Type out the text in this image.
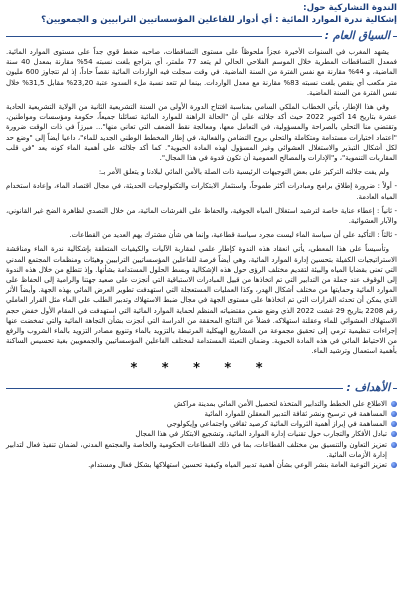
الندوة التشاركية حول:
إشكالية ندرة الموارد المائية : أي أدوار للفاعلين المؤسساتيين الترابيين و الجمعويين؟
السياق العام :

يشهد المغرب في السنوات الأخيرة عجزاً ملحوظاً على مستوى التساقطات، صاحبه ضغط قوي جداً على مستوى الموارد المائية. فمعدل التساقطات المطرية خلال الموسم الفلاحي الحالي لم يتعد 77 ملمتر، أي بتراجع بلغت نسبته 54% مقارنة بمعدل 40 سنة الماضية، و 44% مقارنة مع نفس الفترة من السنة الماضية. في وقت سجلت فيه الواردات المائية نقصاً حاداً، إذ لم تتجاوز 600 مليون متر مكعب أي بنقص بلغت نسبته 83% مقارنة مع معدل الواردات. بينما لم تتعد نسبة ملء السدود عتبة 23,20% مقابل 31,5% خلال نفس الفترة من السنة الماضية.

وفي هذا الإطار، يأتي الخطاب الملكي السامي بمناسبة افتتاح الدورة الأولى من السنة التشريعية الثانية من الولاية التشريعية الحادية عشرة بتاريخ 14 أكتوبر 2022 حيث أكد جلالته على أن "الحالة الراهنة للموارد المائية تسائلنا جميعاً، حكومة ومؤسسات ومواطنين، وتقتضي منا التحلي بالصراحة والمسؤولية، في التعامل معها، ومعالجة نقط الضعف التي تعاني منها"... مبرزاً في ذات الوقت ضرورة "اعتماد اختيارات مستدامة ومتكاملة والتحلي بروح التضامن والفعالية، في إطار المخطط الوطني الجديد للماء"، داعيا أيضاً إلى "وضع حد لكل أشكال التبذير والاستغلال العشوائي وغير المسؤول لهذه المادة الحيوية". كما أكد جلالته على أهمية الماء كونه يعد "في قلب المقاربات التنموية"، و"الإدارات والمصالح العمومية أن تكون قدوة في هذا المجال".

ولم يفت جلالته التركيز على بعض التوجيهات الرئيسية ذات الصلة بالأمن المائي لبلادنا و يتعلق الأمر بـ:

- أولاً : ضرورة إطلاق برامج ومبادرات أكثر طموحاً، واستثمار الابتكارات والتكنولوجيات الحديثة، في مجال اقتصاد الماء، وإعادة استخدام المياه العادمة.

- ثانياً : إعطاء عناية خاصة لترشيد استغلال المياه الجوفية، والحفاظ على الفرشات المائية، من خلال التصدي لظاهرة الضخ غير القانوني، والآبار العشوائية.

- ثالثاً : التأكيد على أن سياسة الماء ليست مجرد سياسة قطاعية، وإنما هي شأن مشترك يهم العديد من القطاعات.

وتأسيساً على هذا المعطى، يأتي انعقاد هذه الندوة كإطار علمي لمقاربة الآليات والكيفيات المتعلقة بإشكالية ندرة الماء ومناقشة الاستراتيجيات الكفيلة بتحسين إدارة الموارد المائية، وهي أيضاً فرصة للفاعلين المؤسساتيين الترابيين وهيئات ومنظمات المجتمع المدني التي تعنى بقضايا المياه والبيئة لتقديم مختلف الرؤى حول هذه الإشكالية وبسط الحلول المستدامة بشأنها. وإذ تتطلع من خلال هذه الندوة إلى الوقوف عند جملة من التدابير التي تم اتخاذها من قبيل المبادرات الاستباقية التي أنجزت على صعيد جهتنا والرامية إلى الحفاظ على الموارد المائية وحمايتها من مختلف أشكال الهدر، وكذا العمليات المستعجلة التي استهدفت تطوير العرض المائي بهذه الجهة. وأيضاً الأثر الذي يمكن أن تحدثه القرارات التي تم اتخاذها على مستوى الجهة في مجال ضبط الاستهلاك وتدبير الطلب على الماء مثل القرار العاملي رقم 2208 بتاريخ 29 غشت 2022 الذي وضع ضمن مقتضياته المنظم لحماية الموارد المائية التي استهدفت في المقام الأول خفض حجم الاستهلاك العشوائي للماء وعقلنة استهلاكه. فضلاً عن النتائج المحققة من الدراسة التي أنجزت بشأن التجاهة المائية والتي تمخضت عنها إجراءات تنظيمية ترمي إلى تحقيق مجموعة من المشاريع الهيكلية المرتبطة بالتزويد بالماء وتنويع مصادر التزويد بالماء الشروب والرفع من الاحتياط المائي في هذه المادة الحيوية. وضمان التعبئة المستدامة لمختلف الفاعلين المؤسساتيين والجمعويين بغية تحسيس الساكنة بأهمية استعمال وترشيد الماء.

* * * * *
الأهداف :
الاطلاع على الخطط والتدابير المتخذة لتحصيل الأمن المائي بمدينة مراكش
المساهمة في ترسيخ ونشر ثقافة التدبير المعقلن للموارد المائية
المساهمة في إبراز أهمية الثروات المائية كرصيد ثقافي واجتماعي وإيكولوجي
تبادل الأفكار والتجارب حول تقنيات إدارة الموارد المائية، وتشجيع الابتكار في هذا المجال
تعزيز التعاون والتنسيق بين مختلف القطاعات، بما في ذلك القطاعات الحكومية والخاصة والمجتمع المدني، لضمان تنفيذ فعال لتدابير إدارة الأزمات المائية.
تعزيز التوعية العامة بنشر الوعي بشأن أهمية تدبير المياه وكيفية تحسين استهلاكها بشكل فعال ومستدام.
